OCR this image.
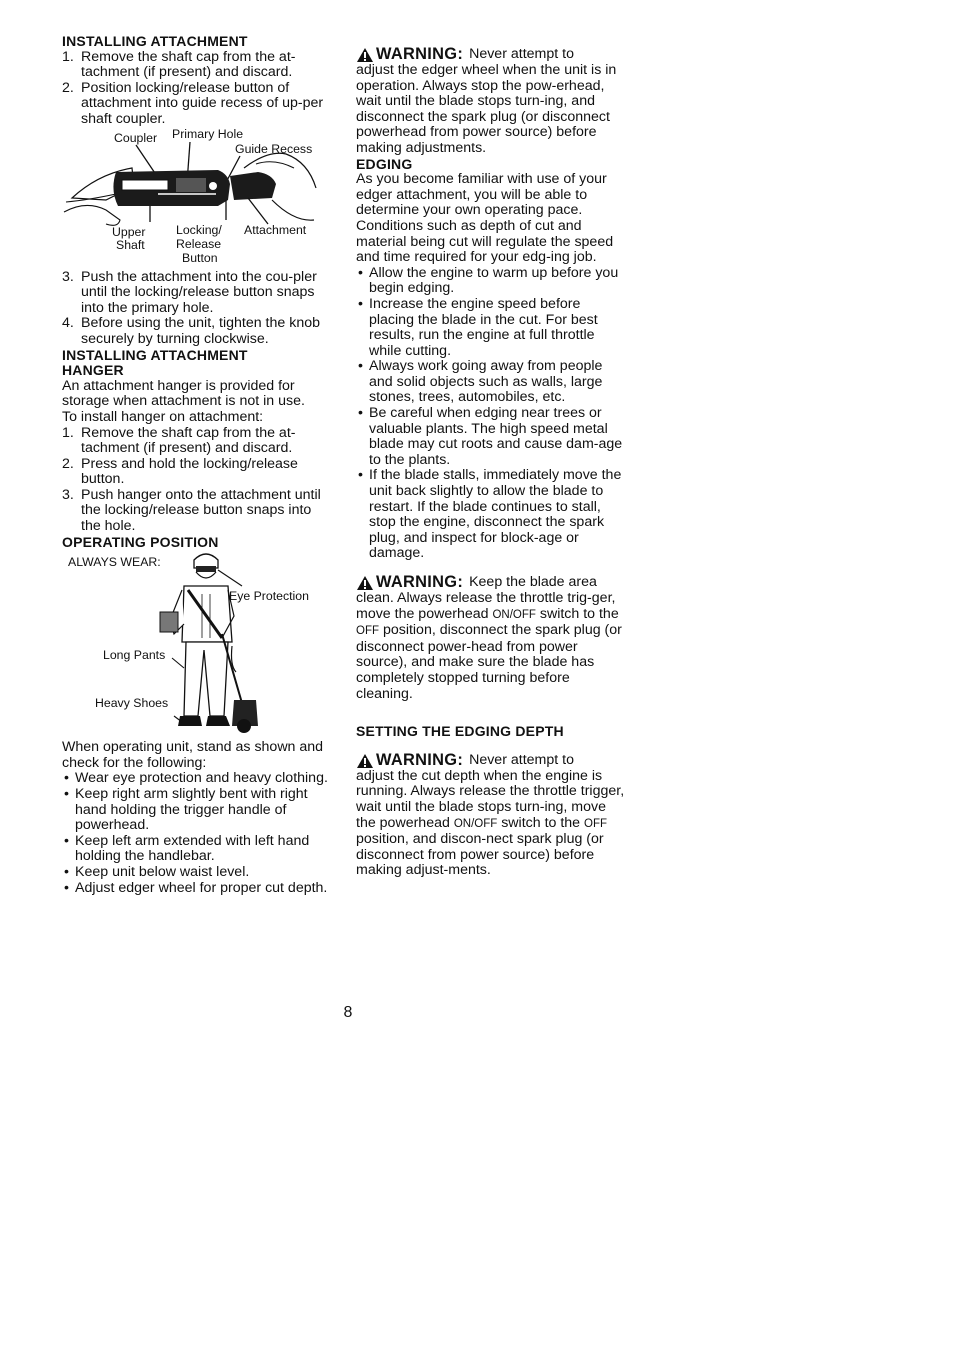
INSTALLING ATTACHMENT
1. Remove the shaft cap from the at-tachment (if present) and discard.
2. Position locking/release button of attachment into guide recess of up-per shaft coupler.
Coupler Primary Hole
Guide Recess
Upper
Shaft
Locking/
Release
Button
Attachment
3. Push the attachment into the cou-pler until the locking/release button snaps into the primary hole.
4. Before using the unit, tighten the knob securely by turning clockwise.
INSTALLING ATTACHMENT
HANGER

An attachment hanger is provided for storage when attachment is not in use.

To install hanger on attachment:

1. Remove the shaft cap from the at-tachment (if present) and discard.
2. Press and hold the locking/release button.
3. Push hanger onto the attachment until the locking/release button snaps into the hole.
OPERATING POSITION
ALWAYS WEAR:
Eye Protection
Long Pants
Heavy Shoes

When operating unit, stand as shown and check for the following:

• Wear eye protection and heavy clothing.
• Keep right arm slightly bent with right hand holding the trigger handle of powerhead.
• Keep left arm extended with left hand holding the handlebar.
• Keep unit below waist level.
• Adjust edger wheel for proper cut depth.
WARNING: Never attempt to

adjust the edger wheel when the unit is in operation. Always stop the pow-erhead, wait until the blade stops turn-ing, and disconnect the spark plug (or disconnect powerhead from power source) before making adjustments.

EDGING

As you become familiar with use of your edger attachment, you will be able to determine your own operating pace. Conditions such as depth of cut and material being cut will regulate the speed and time required for your edg-ing job.

• Allow the engine to warm up before you begin edging.
• Increase the engine speed before placing the blade in the cut. For best results, run the engine at full throttle while cutting.
• Always work going away from people and solid objects such as walls, large stones, trees, automobiles, etc.
• Be careful when edging near trees or valuable plants. The high speed metal blade may cut roots and cause dam-age to the plants.
• If the blade stalls, immediately move the unit back slightly to allow the blade to restart. If the blade continues to stall, stop the engine, disconnect the spark plug, and inspect for block-age or damage.
WARNING: Keep the blade area

clean. Always release the throttle trig-ger, move the powerhead ON/OFF switch to the OFF position, disconnect the spark plug (or disconnect power-head from power source), and make sure the blade has completely stopped turning before cleaning.

SETTING THE EDGING DEPTH
WARNING: Never attempt to

adjust the cut depth when the engine is running. Always release the throttle trigger, wait until the blade stops turn-ing, move the powerhead ON/OFF switch to the OFF position, and discon-nect spark plug (or disconnect from power source) before making adjust-ments.

8
